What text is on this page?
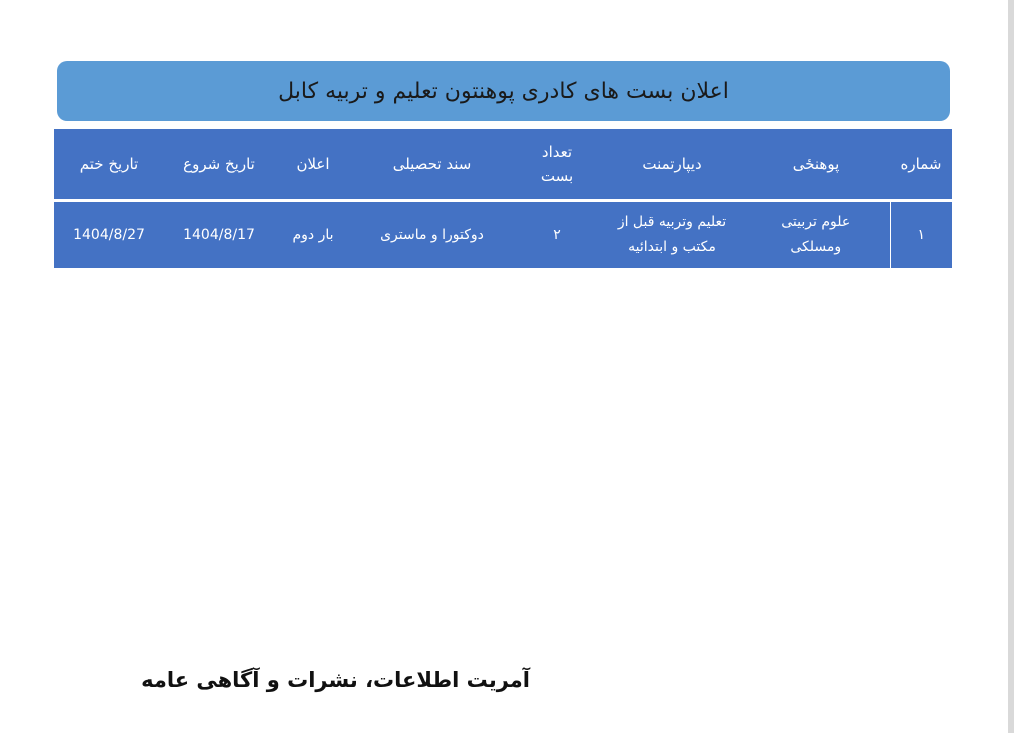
اعلان بست های کادری پوهنتون تعلیم و تربیه کابل
شماره	پوهنځی	دیپارتمنت	تعداد بست	سند تحصیلی	اعلان	تاریخ شروع	تاریخ ختم
۱	علوم تربیتی ومسلکی	تعلیم وتربیه قبل از مکتب و ابتدائیه	۲	دوکتورا و ماستری	بار دوم	1404/8/17	1404/8/27
آمریت اطلاعات، نشرات و آگاهی عامه
